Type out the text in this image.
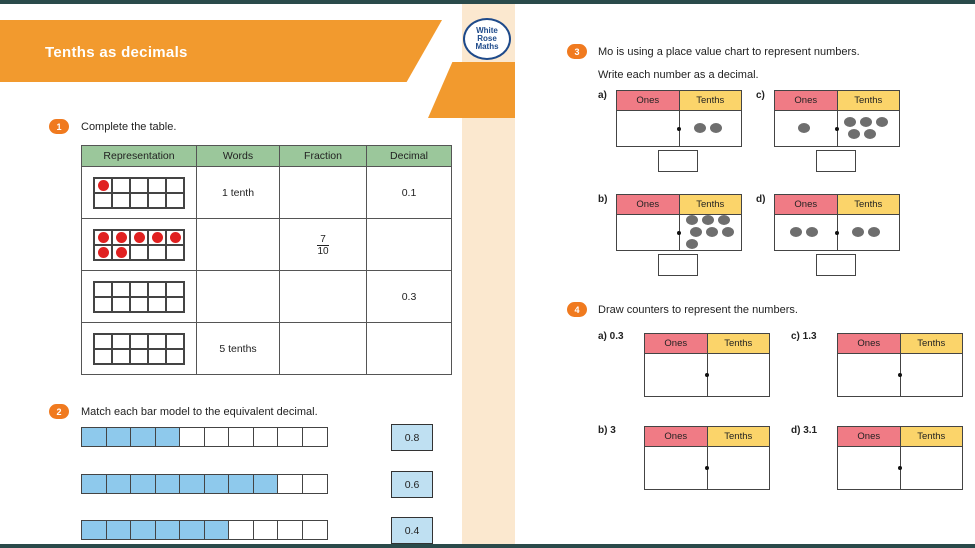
Tenths as decimals
White
Rose
Maths
1	Complete the table.
Representation	Words	Fraction	Decimal

	1 tenth		0.1

		$\frac{7}{10}$

			0.3

	5 tenths		
2	Match each bar model to the equivalent decimal.
0.8
0.6
0.4
3	Mo is using a place value chart to represent numbers.
Write each number as a decimal.
a)	Ones	Tenths	c)	Ones	Tenths
b)	Ones	Tenths	d)	Ones	Tenths
4	Draw counters to represent the numbers.
a) 0.3
Ones	Tenths
c) 1.3
Ones	Tenths
b) 3
Ones	Tenths
d) 3.1
Ones	Tenths
